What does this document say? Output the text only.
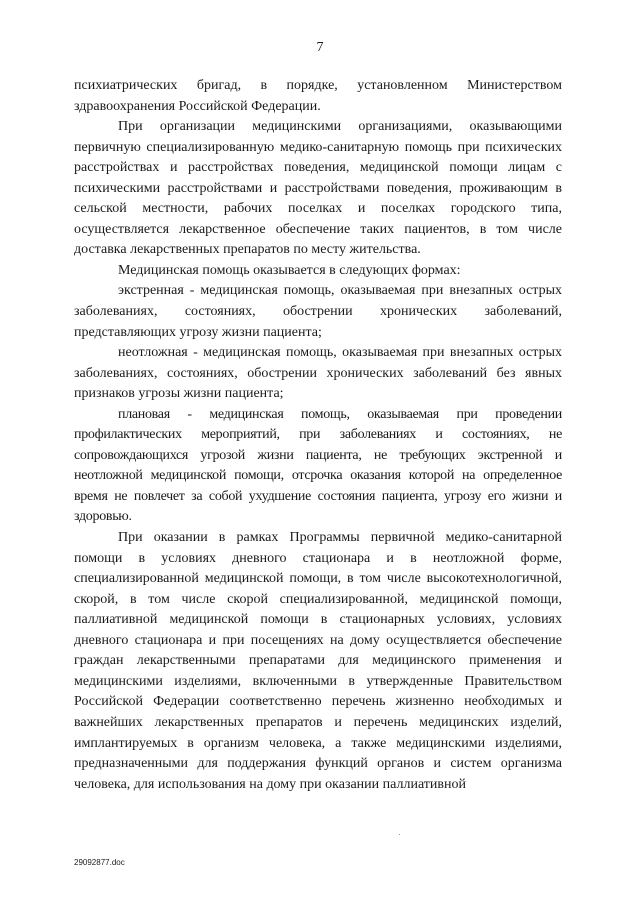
7

психиатрических бригад, в порядке, установленном Министерством здравоохранения Российской Федерации.

При организации медицинскими организациями, оказывающими первичную специализированную медико-санитарную помощь при психических расстройствах и расстройствах поведения, медицинской помощи лицам с психическими расстройствами и расстройствами поведения, проживающим в сельской местности, рабочих поселках и поселках городского типа, осуществляется лекарственное обеспечение таких пациентов, в том числе доставка лекарственных препаратов по месту жительства.

Медицинская помощь оказывается в следующих формах:

экстренная - медицинская помощь, оказываемая при внезапных острых заболеваниях, состояниях, обострении хронических заболеваний, представляющих угрозу жизни пациента;

неотложная - медицинская помощь, оказываемая при внезапных острых заболеваниях, состояниях, обострении хронических заболеваний без явных признаков угрозы жизни пациента;

плановая - медицинская помощь, оказываемая при проведении профилактических мероприятий, при заболеваниях и состояниях, не сопровождающихся угрозой жизни пациента, не требующих экстренной и неотложной медицинской помощи, отсрочка оказания которой на определенное время не повлечет за собой ухудшение состояния пациента, угрозу его жизни и здоровью.

При оказании в рамках Программы первичной медико-санитарной помощи в условиях дневного стационара и в неотложной форме, специализированной медицинской помощи, в том числе высокотехнологичной, скорой, в том числе скорой специализированной, медицинской помощи, паллиативной медицинской помощи в стационарных условиях, условиях дневного стационара и при посещениях на дому осуществляется обеспечение граждан лекарственными препаратами для медицинского применения и медицинскими изделиями, включенными в утвержденные Правительством Российской Федерации соответственно перечень жизненно необходимых и важнейших лекарственных препаратов и перечень медицинских изделий, имплантируемых в организм человека, а также медицинскими изделиями, предназначенными для поддержания функций органов и систем организма человека, для использования на дому при оказании паллиативной

29092877.doc
